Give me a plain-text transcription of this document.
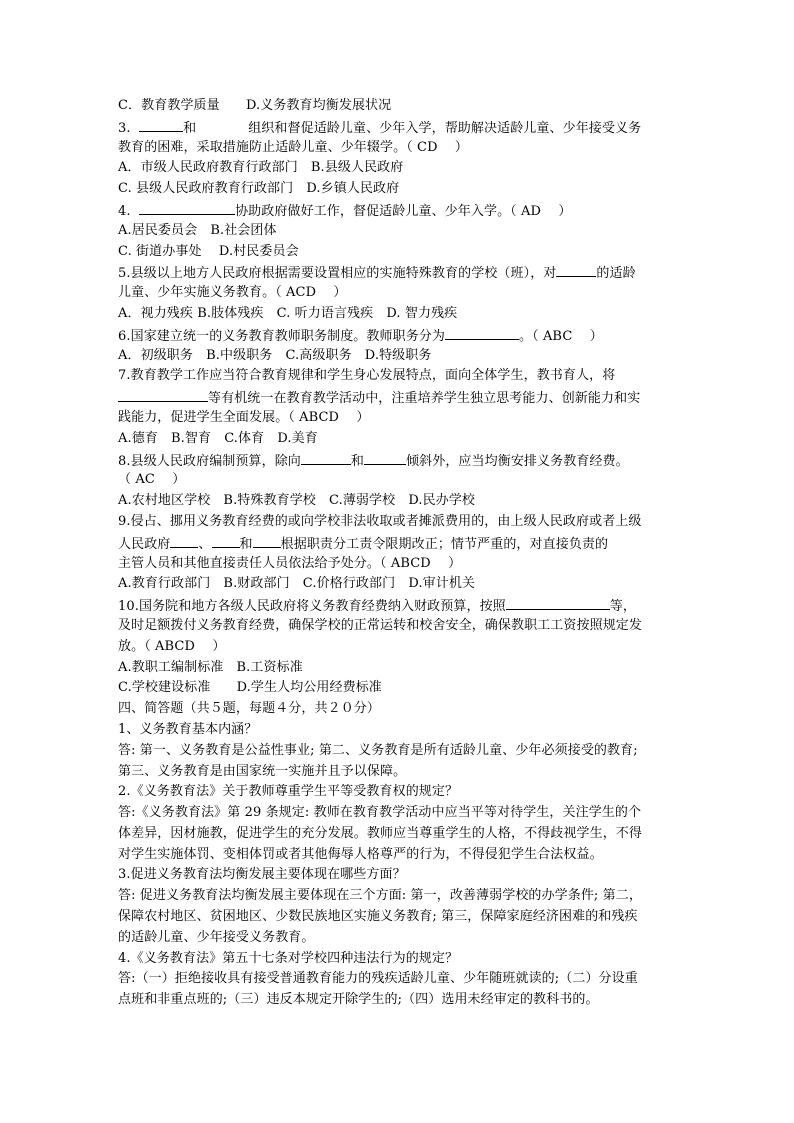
C．教育教学质量　　D.义务教育均衡发展状况
3.	和	组织和督促适龄儿童、少年入学，帮助解决适龄儿童、少年接受义务
教育的困难，采取措施防止适龄儿童、少年辍学。（ CD　 ）
A．市级人民政府教育行政部门　B.县级人民政府
C. 县级人民政府教育行政部门　D.乡镇人民政府
4.	协助政府做好工作，督促适龄儿童、少年入学。（ AD　 ）
A.居民委员会　B.社会团体
C. 街道办事处　 D.村民委员会
5.县级以上地方人民政府根据需要设置相应的实施特殊教育的学校（班），对	的适龄
儿童、少年实施义务教育。（ ACD　 ）
A．视力残疾 B.肢体残疾　C. 听力语言残疾　D. 智力残疾
6.国家建立统一的义务教育教师职务制度。教师职务分为	。（ ABC　 ）
A．初级职务　B.中级职务　C.高级职务　D.特级职务
7.教育教学工作应当符合教育规律和学生身心发展特点，面向全体学生，教书育人，将
等有机统一在教育教学活动中，注重培养学生独立思考能力、创新能力和实
践能力，促进学生全面发展。（ ABCD　 ）
A.德育　B.智育　C.体育　D.美育
8.县级人民政府编制预算，除向	和	倾斜外，应当均衡安排义务教育经费。
（ AC　 ）
A.农村地区学校　B.特殊教育学校　C.薄弱学校　D.民办学校
9.侵占、挪用义务教育经费的或向学校非法收取或者摊派费用的，由上级人民政府或者上级
人民政府 、 和 根据职责分工责令限期改正；情节严重的，对直接负责的
主管人员和其他直接责任人员依法给予处分。（ ABCD　 ）
A.教育行政部门　B.财政部门　C.价格行政部门　D.审计机关
10.国务院和地方各级人民政府将义务教育经费纳入财政预算，按照	等，
及时足额拨付义务教育经费，确保学校的正常运转和校舍安全，确保教职工工资按照规定发
放。（ ABCD　 ）
A.教职工编制标准　B.工资标准
C.学校建设标准　　D.学生人均公用经费标准
四、简答题（共５题，每题４分，共２０分）
1、义务教育基本内涵？
答: 第一、义务教育是公益性事业; 第二、义务教育是所有适龄儿童、少年必须接受的教育;
第三、义务教育是由国家统一实施并且予以保障。
2.《义务教育法》关于教师尊重学生平等受教育权的规定？
答:《义务教育法》第 29 条规定: 教师在教育教学活动中应当平等对待学生，关注学生的个
体差异，因材施教，促进学生的充分发展。教师应当尊重学生的人格，不得歧视学生，不得
对学生实施体罚、变相体罚或者其他侮辱人格尊严的行为，不得侵犯学生合法权益。
3.促进义务教育法均衡发展主要体现在哪些方面？
答: 促进义务教育法均衡发展主要体现在三个方面: 第一，改善薄弱学校的办学条件; 第二，
保障农村地区、贫困地区、少数民族地区实施义务教育; 第三，保障家庭经济困难的和残疾
的适龄儿童、少年接受义务教育。
4.《义务教育法》第五十七条对学校四种违法行为的规定？
答:（一）拒绝接收具有接受普通教育能力的残疾适龄儿童、少年随班就读的;（二）分设重
点班和非重点班的;（三）违反本规定开除学生的;（四）选用未经审定的教科书的。
